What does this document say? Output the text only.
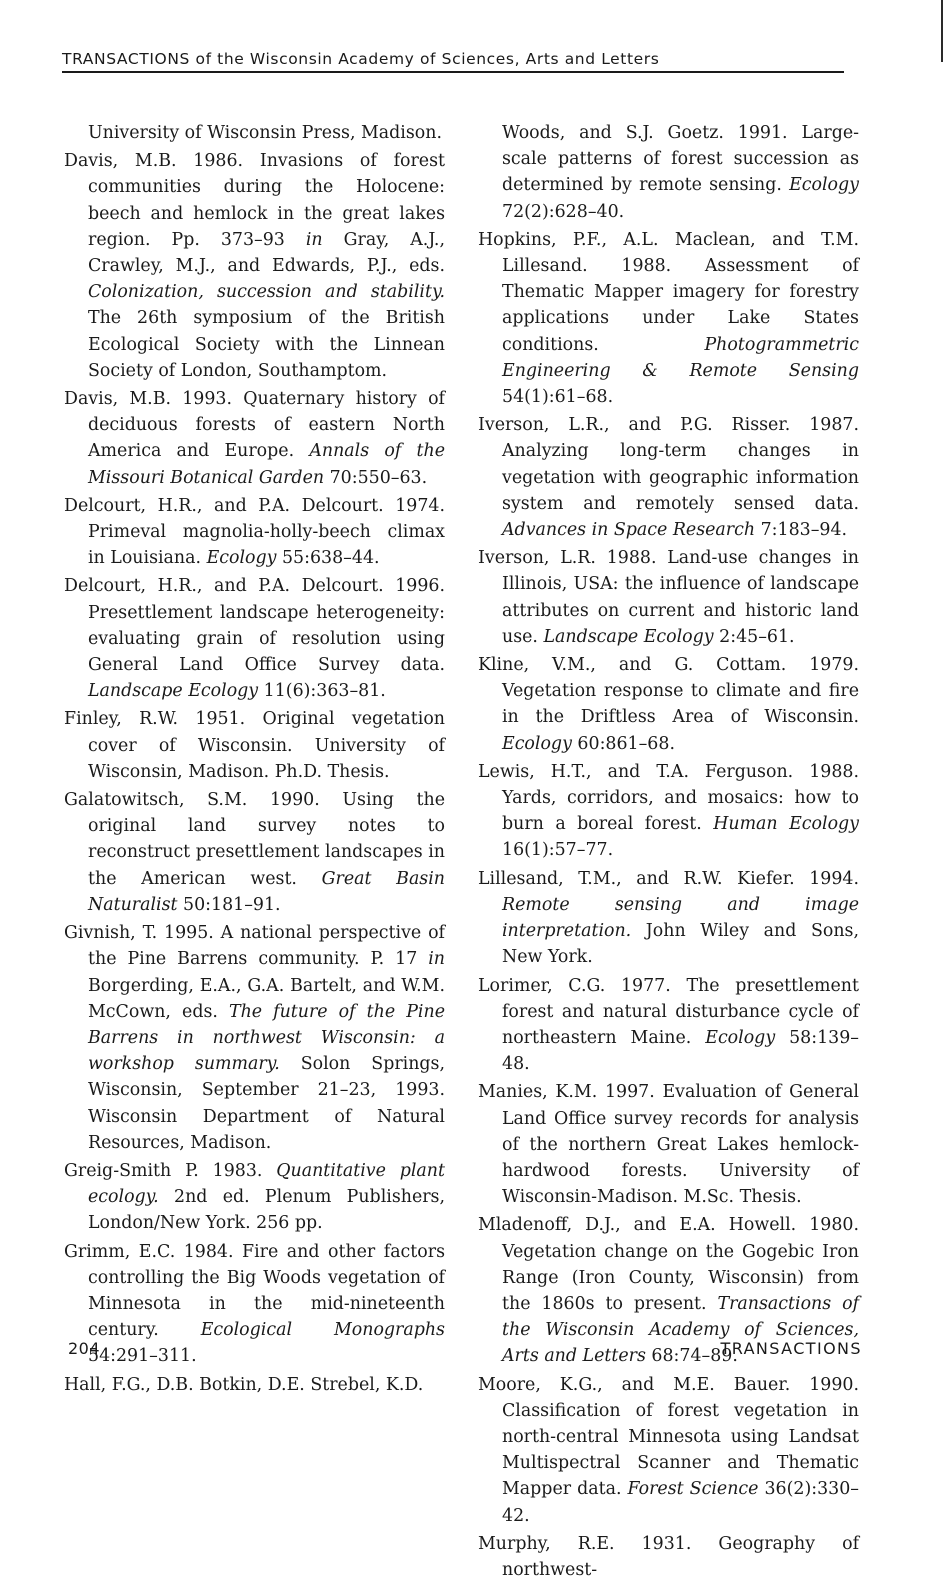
TRANSACTIONS of the Wisconsin Academy of Sciences, Arts and Letters

University of Wisconsin Press, Madison.

Davis, M.B. 1986. Invasions of forest communities during the Holocene: beech and hemlock in the great lakes region. Pp. 373–93 in Gray, A.J., Crawley, M.J., and Edwards, P.J., eds. Colonization, succession and stability. The 26th symposium of the British Ecological Society with the Linnean Society of London, Southamptom.

Davis, M.B. 1993. Quaternary history of deciduous forests of eastern North America and Europe. Annals of the Missouri Botanical Garden 70:550–63.

Delcourt, H.R., and P.A. Delcourt. 1974. Primeval magnolia-holly-beech climax in Louisiana. Ecology 55:638–44.

Delcourt, H.R., and P.A. Delcourt. 1996. Presettlement landscape heterogeneity: evaluating grain of resolution using General Land Office Survey data. Landscape Ecology 11(6):363–81.

Finley, R.W. 1951. Original vegetation cover of Wisconsin. University of Wisconsin, Madison. Ph.D. Thesis.

Galatowitsch, S.M. 1990. Using the original land survey notes to reconstruct presettlement landscapes in the American west. Great Basin Naturalist 50:181–91.

Givnish, T. 1995. A national perspective of the Pine Barrens community. P. 17 in Borgerding, E.A., G.A. Bartelt, and W.M. McCown, eds. The future of the Pine Barrens in northwest Wisconsin: a workshop summary. Solon Springs, Wisconsin, September 21–23, 1993. Wisconsin Department of Natural Resources, Madison.

Greig-Smith P. 1983. Quantitative plant ecology. 2nd ed. Plenum Publishers, London/New York. 256 pp.

Grimm, E.C. 1984. Fire and other factors controlling the Big Woods vegetation of Minnesota in the mid-nineteenth century. Ecological Monographs 54:291–311.

Hall, F.G., D.B. Botkin, D.E. Strebel, K.D.

Woods, and S.J. Goetz. 1991. Large-scale patterns of forest succession as determined by remote sensing. Ecology 72(2):628–40.

Hopkins, P.F., A.L. Maclean, and T.M. Lillesand. 1988. Assessment of Thematic Mapper imagery for forestry applications under Lake States conditions. Photogrammetric Engineering & Remote Sensing 54(1):61–68.

Iverson, L.R., and P.G. Risser. 1987. Analyzing long-term changes in vegetation with geographic information system and remotely sensed data. Advances in Space Research 7:183–94.

Iverson, L.R. 1988. Land-use changes in Illinois, USA: the influence of landscape attributes on current and historic land use. Landscape Ecology 2:45–61.

Kline, V.M., and G. Cottam. 1979. Vegetation response to climate and fire in the Driftless Area of Wisconsin. Ecology 60:861–68.

Lewis, H.T., and T.A. Ferguson. 1988. Yards, corridors, and mosaics: how to burn a boreal forest. Human Ecology 16(1):57–77.

Lillesand, T.M., and R.W. Kiefer. 1994. Remote sensing and image interpretation. John Wiley and Sons, New York.

Lorimer, C.G. 1977. The presettlement forest and natural disturbance cycle of northeastern Maine. Ecology 58:139–48.

Manies, K.M. 1997. Evaluation of General Land Office survey records for analysis of the northern Great Lakes hemlock-hardwood forests. University of Wisconsin-Madison. M.Sc. Thesis.

Mladenoff, D.J., and E.A. Howell. 1980. Vegetation change on the Gogebic Iron Range (Iron County, Wisconsin) from the 1860s to present. Transactions of the Wisconsin Academy of Sciences, Arts and Letters 68:74–89.

Moore, K.G., and M.E. Bauer. 1990. Classification of forest vegetation in north-central Minnesota using Landsat Multispectral Scanner and Thematic Mapper data. Forest Science 36(2):330–42.

Murphy, R.E. 1931. Geography of northwest-

204	TRANSACTIONS
